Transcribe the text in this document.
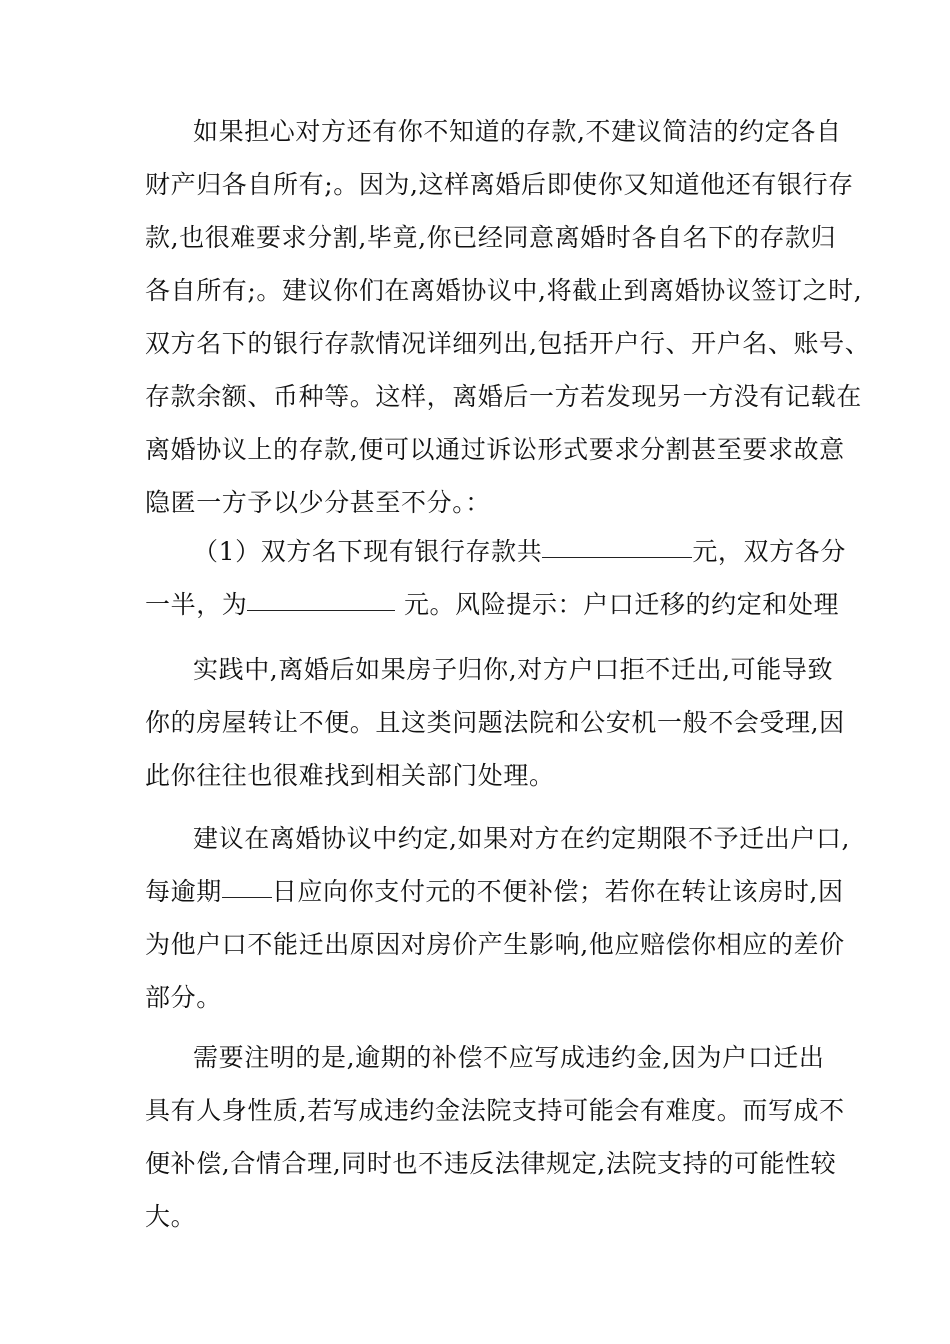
如果担心对方还有你不知道的存款,不建议简洁的约定各自
财产归各自所有;。因为,这样离婚后即使你又知道他还有银行存
款,也很难要求分割,毕竟,你已经同意离婚时各自名下的存款归
各自所有;。建议你们在离婚协议中,将截止到离婚协议签订之时,
双方名下的银行存款情况详细列出,包括开户行、开户名、账号、
存款余额、币种等。这样，离婚后一方若发现另一方没有记载在
离婚协议上的存款,便可以通过诉讼形式要求分割甚至要求故意
隐匿一方予以少分甚至不分。：
（1）双方名下现有银行存款共	元，双方各分
一半，为	元。风险提示：户口迁移的约定和处理
实践中,离婚后如果房子归你,对方户口拒不迁出,可能导致
你的房屋转让不便。且这类问题法院和公安机一般不会受理,因
此你往往也很难找到相关部门处理。
建议在离婚协议中约定,如果对方在约定期限不予迁出户口,
每逾期 日应向你支付元的不便补偿；若你在转让该房时,因
为他户口不能迁出原因对房价产生影响,他应赔偿你相应的差价
部分。
需要注明的是,逾期的补偿不应写成违约金,因为户口迁出
具有人身性质,若写成违约金法院支持可能会有难度。而写成不
便补偿,合情合理,同时也不违反法律规定,法院支持的可能性较
大。
